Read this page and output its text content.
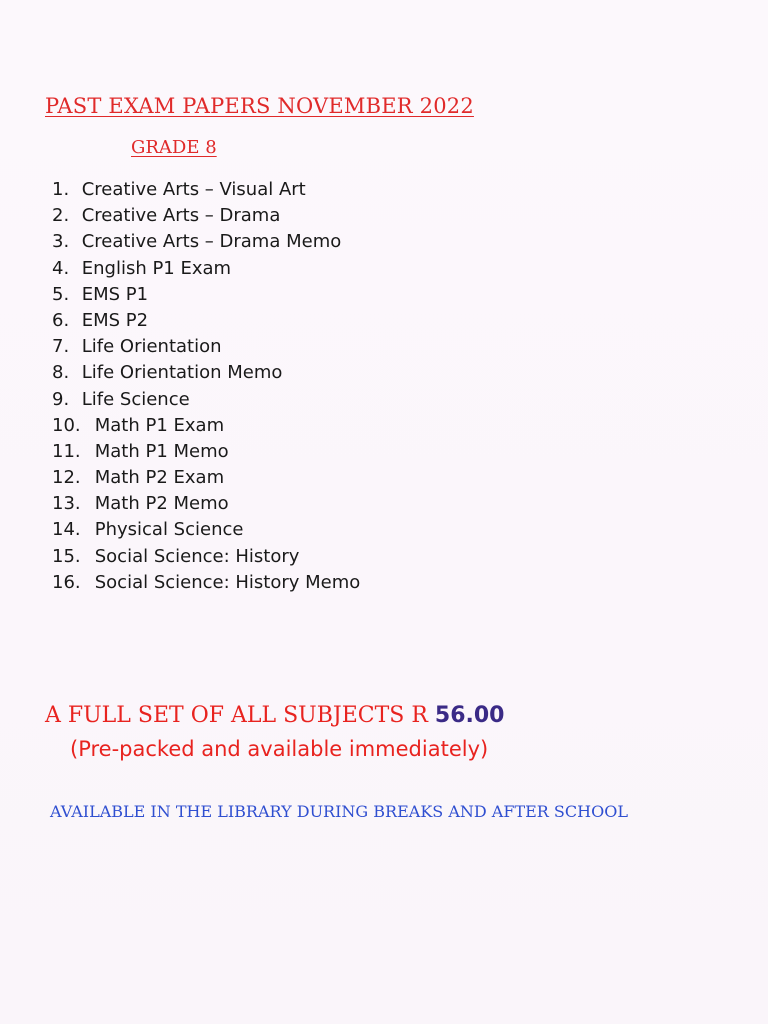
PAST EXAM PAPERS NOVEMBER 2022
GRADE 8
1. Creative Arts – Visual Art
2. Creative Arts – Drama
3. Creative Arts – Drama Memo
4. English P1 Exam
5. EMS P1
6. EMS P2
7. Life Orientation
8. Life Orientation Memo
9. Life Science
10. Math P1 Exam
11. Math P1 Memo
12. Math P2 Exam
13. Math P2 Memo
14. Physical Science
15. Social Science: History
16. Social Science: History Memo
A FULL SET OF ALL SUBJECTS R 56.00
(Pre-packed and available immediately)
AVAILABLE IN THE LIBRARY DURING BREAKS AND AFTER SCHOOL
